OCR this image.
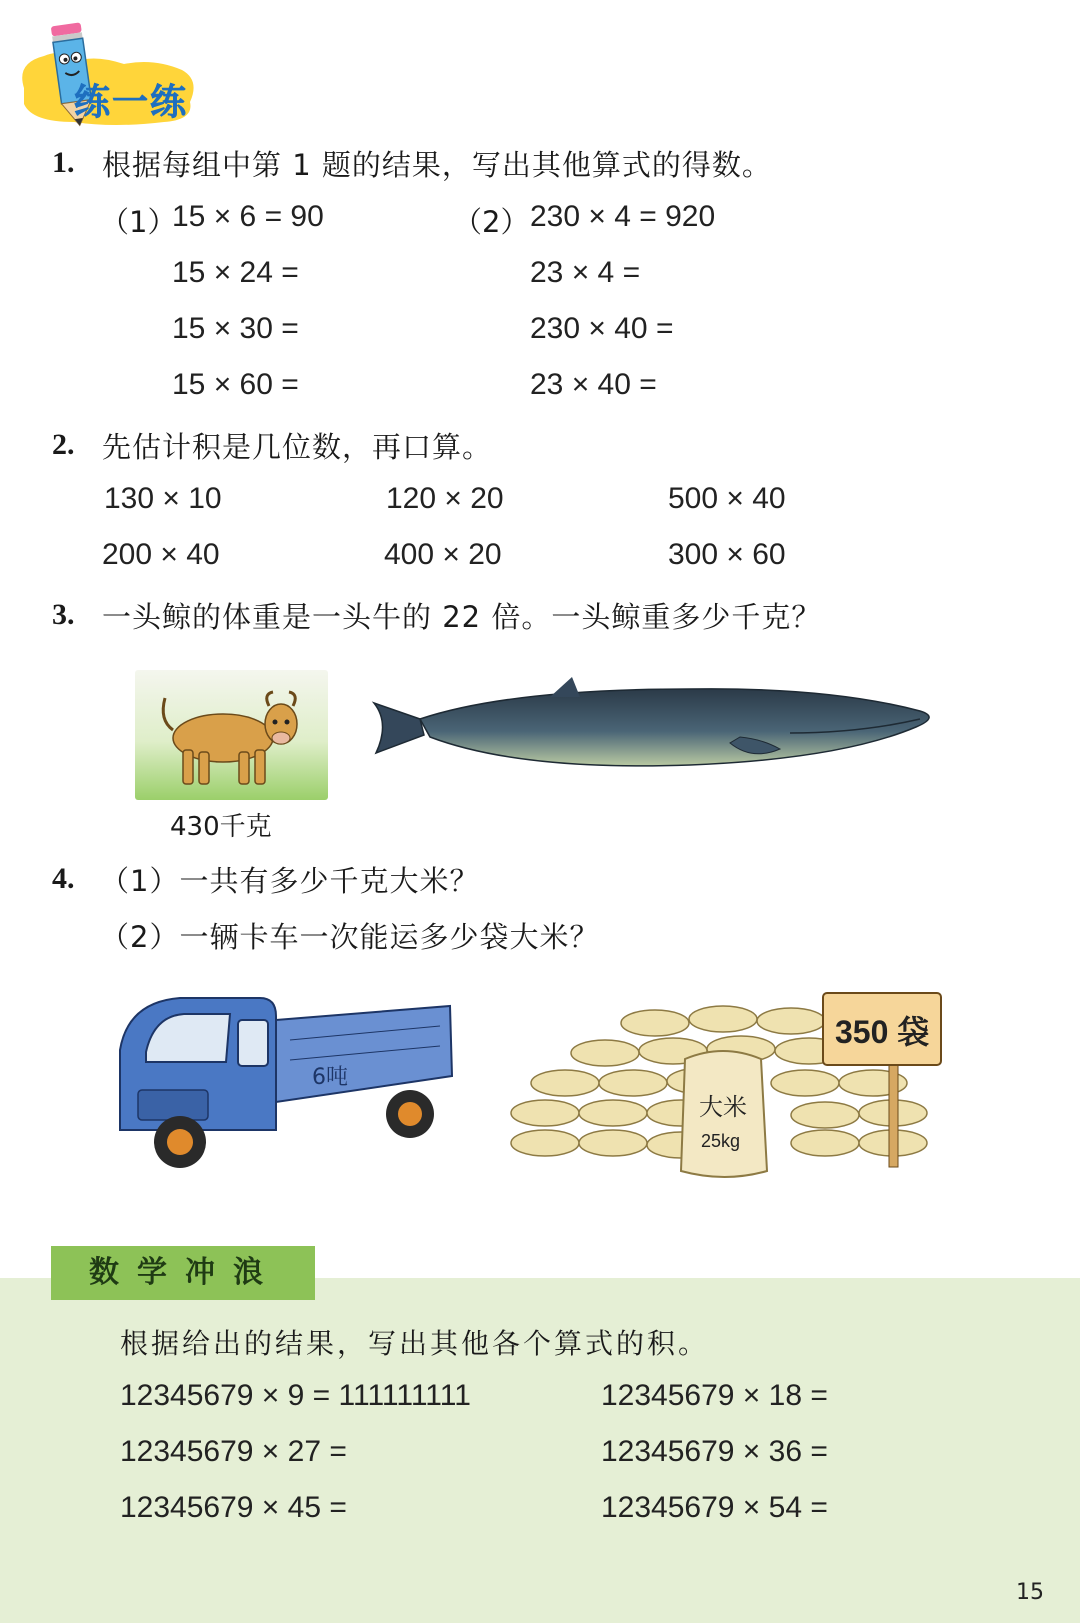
练一练
1. 根据每组中第 1 题的结果，写出其他算式的得数。
（1）
15 × 6 = 90
15 × 24 =
15 × 30 =
15 × 60 =
（2） 230 × 4 = 920
23 × 4 =
230 × 40 =
23 × 40 =
2. 先估计积是几位数，再口算。
130 × 10	120 × 20	500 × 40
200 × 40	400 × 20	300 × 60
3. 一头鲸的体重是一头牛的 22 倍。一头鲸重多少千克？
430千克
4. （1）一共有多少千克大米？
（2）一辆卡车一次能运多少袋大米？
6吨
大米
25kg
350 袋
数学冲浪
根据给出的结果，写出其他各个算式的积。
12345679 × 9 = 111111111	12345679 × 18 =
12345679 × 27 =	12345679 × 36 =
12345679 × 45 =	12345679 × 54 =
15
